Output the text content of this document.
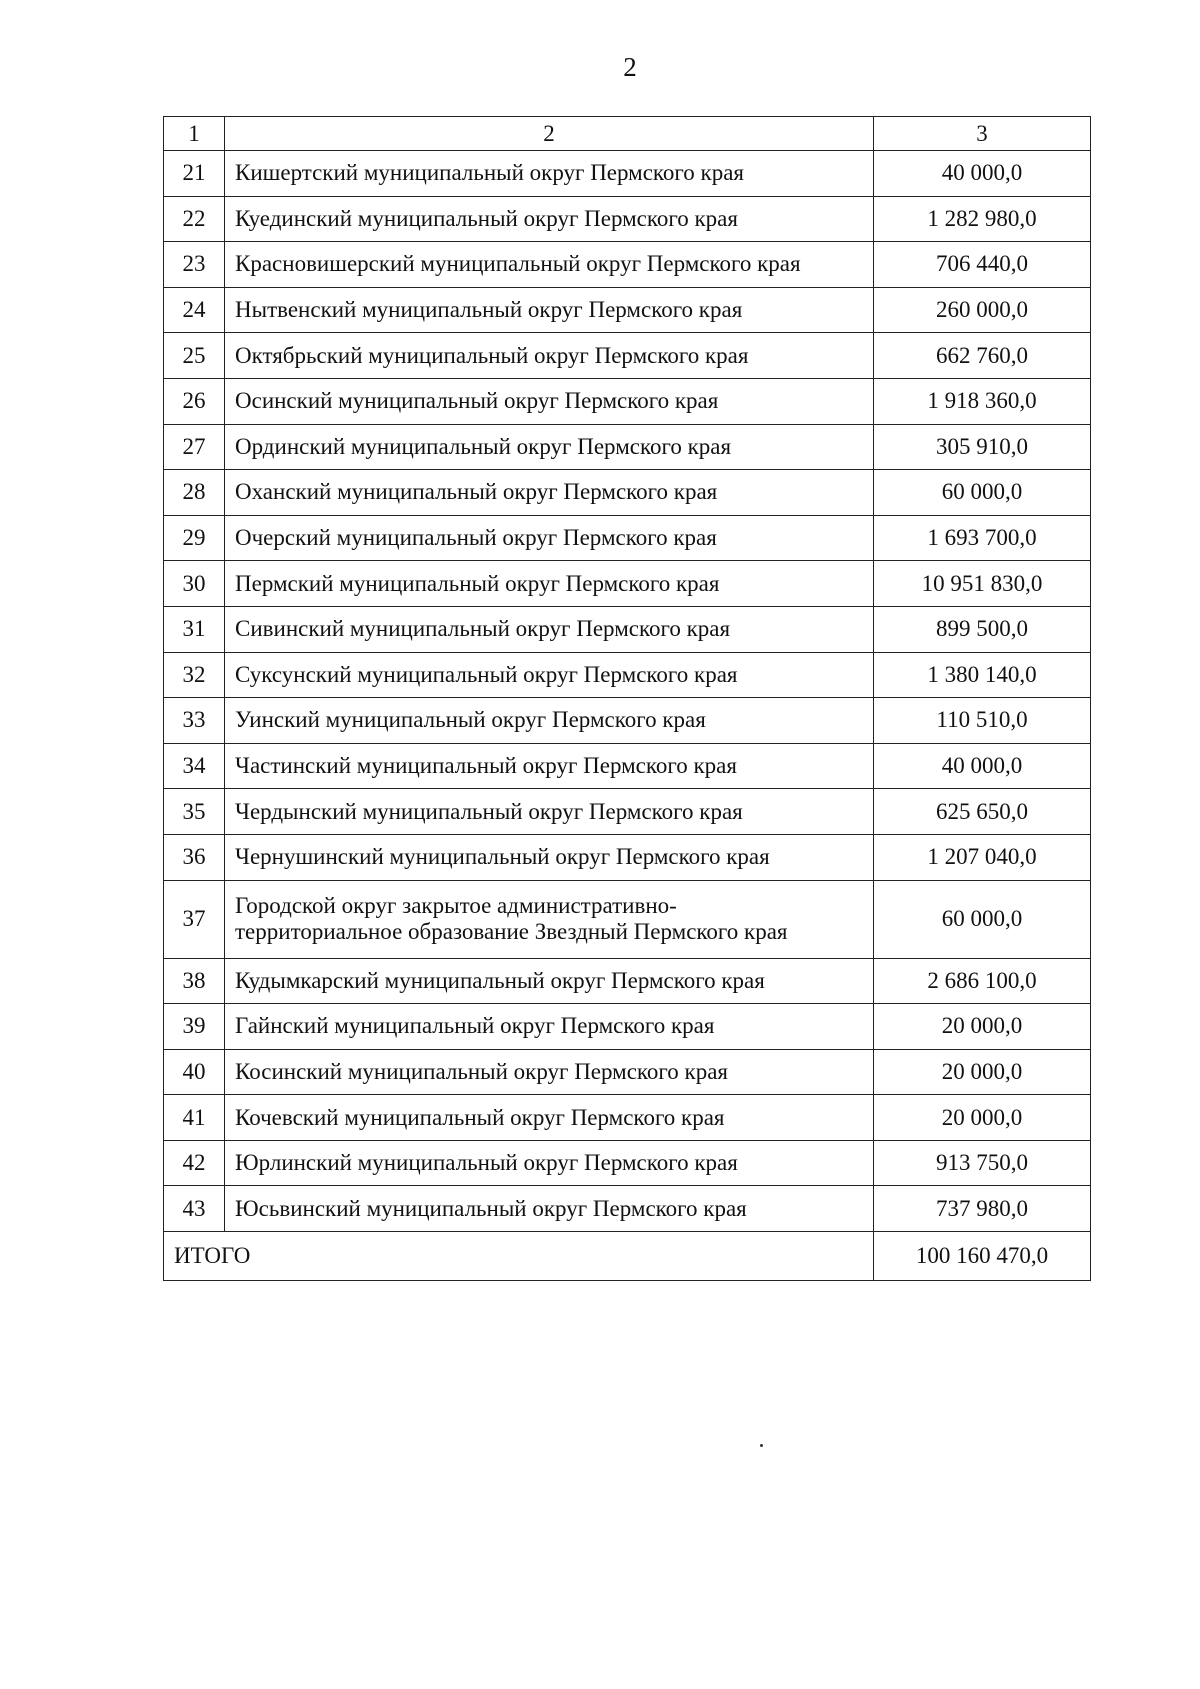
2
1	2	3
21	Кишертский муниципальный округ Пермского края	40 000,0
22	Куединский муниципальный округ Пермского края	1 282 980,0
23	Красновишерский муниципальный округ Пермского края	706 440,0
24	Нытвенский муниципальный округ Пермского края	260 000,0
25	Октябрьский муниципальный округ Пермского края	662 760,0
26	Осинский муниципальный округ Пермского края	1 918 360,0
27	Ординский муниципальный округ Пермского края	305 910,0
28	Оханский муниципальный округ Пермского края	60 000,0
29	Очерский муниципальный округ Пермского края	1 693 700,0
30	Пермский муниципальный округ Пермского края	10 951 830,0
31	Сивинский муниципальный округ Пермского края	899 500,0
32	Суксунский муниципальный округ Пермского края	1 380 140,0
33	Уинский муниципальный округ Пермского края	110 510,0
34	Частинский муниципальный округ Пермского края	40 000,0
35	Чердынский муниципальный округ Пермского края	625 650,0
36	Чернушинский муниципальный округ Пермского края	1 207 040,0
37	Городской округ закрытое административно-
территориальное образование Звездный Пермского края	60 000,0
38	Кудымкарский муниципальный округ Пермского края	2 686 100,0
39	Гайнский муниципальный округ Пермского края	20 000,0
40	Косинский муниципальный округ Пермского края	20 000,0
41	Кочевский муниципальный округ Пермского края	20 000,0
42	Юрлинский муниципальный округ Пермского края	913 750,0
43	Юсьвинский муниципальный округ Пермского края	737 980,0
ИТОГО		100 160 470,0
